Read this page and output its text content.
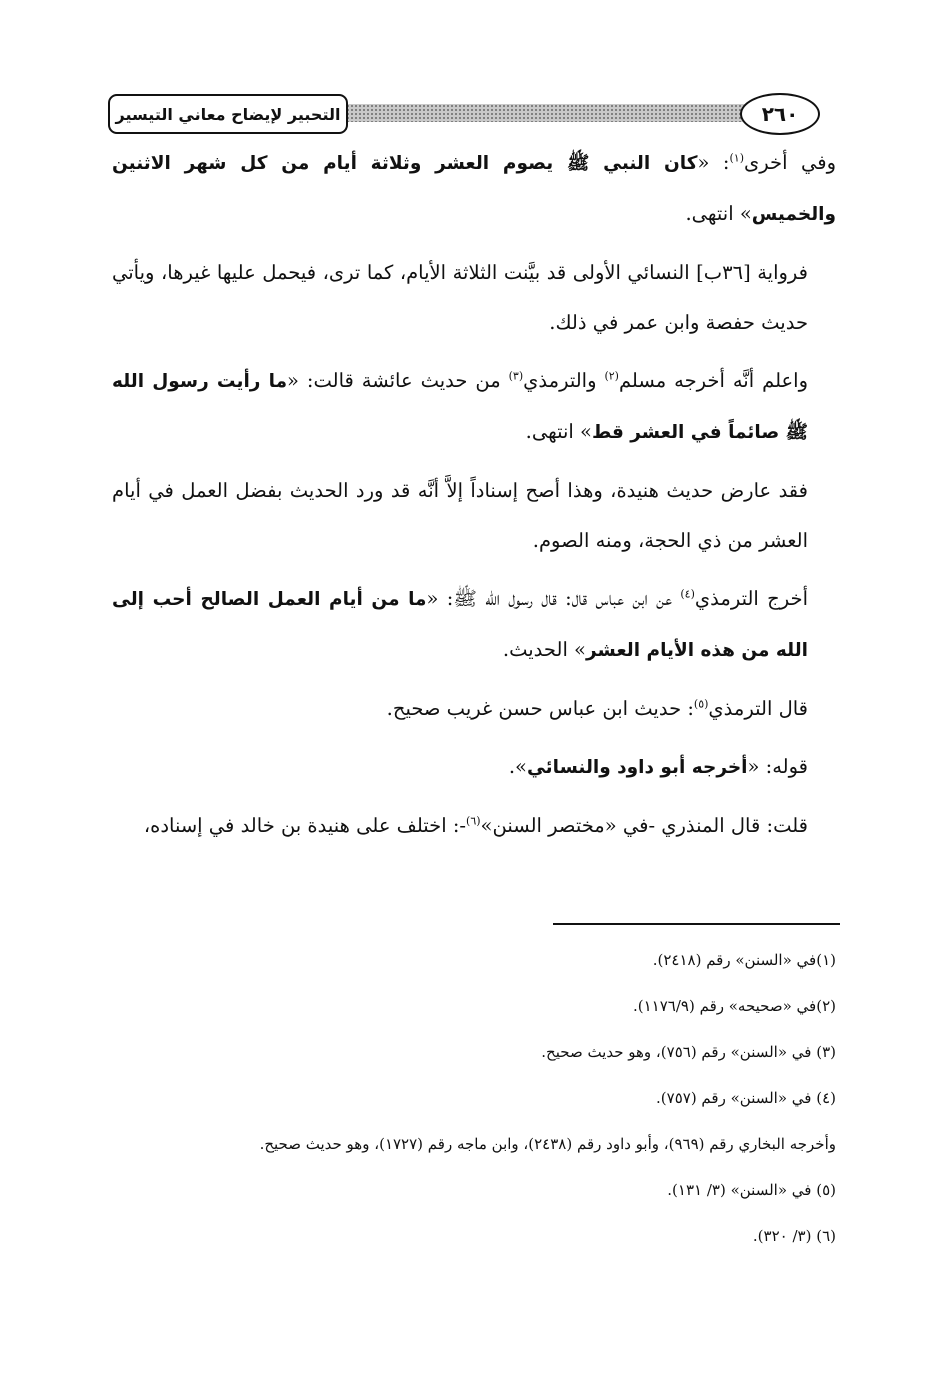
التحبير لإيضاح معاني التيسير	٢٦٠

وفي أخرى$^{(١)}$: «كان النبي ﷺ يصوم العشر وثلاثة أيام من كل شهر الاثنين والخميس» انتهى.

فرواية [٣٦ب] النسائي الأولى قد بيَّنت الثلاثة الأيام، كما ترى، فيحمل عليها غيرها، ويأتي حديث حفصة وابن عمر في ذلك.

واعلم أنَّه أخرجه مسلم$^{(٢)}$ والترمذي$^{(٣)}$ من حديث عائشة قالت: «ما رأيت رسول الله ﷺ صائماً في العشر قط» انتهى.

فقد عارض حديث هنيدة، وهذا أصح إسناداً إلاَّ أنَّه قد ورد الحديث بفضل العمل في أيام العشر من ذي الحجة، ومنه الصوم.

أخرج الترمذي$^{(٤)}$ عن ابن عباس قال: قال رسول الله ﷺ: «ما من أيام العمل الصالح أحب إلى الله من هذه الأيام العشر» الحديث.

قال الترمذي$^{(٥)}$: حديث ابن عباس حسن غريب صحيح.

قوله: «أخرجه أبو داود والنسائي».

قلت: قال المنذري -في «مختصر السنن»$^{(٦)}$-: اختلف على هنيدة بن خالد في إسناده،

(١)في «السنن» رقم (٢٤١٨).
(٢)في «صحيحه» رقم (١١٧٦/٩).
(٣) في «السنن» رقم (٧٥٦)، وهو حديث صحيح.
(٤) في «السنن» رقم (٧٥٧).
وأخرجه البخاري رقم (٩٦٩)، وأبو داود رقم (٢٤٣٨)، وابن ماجه رقم (١٧٢٧)، وهو حديث صحيح.
(٥) في «السنن» (٣/ ١٣١).
(٦) (٣/ ٣٢٠).
